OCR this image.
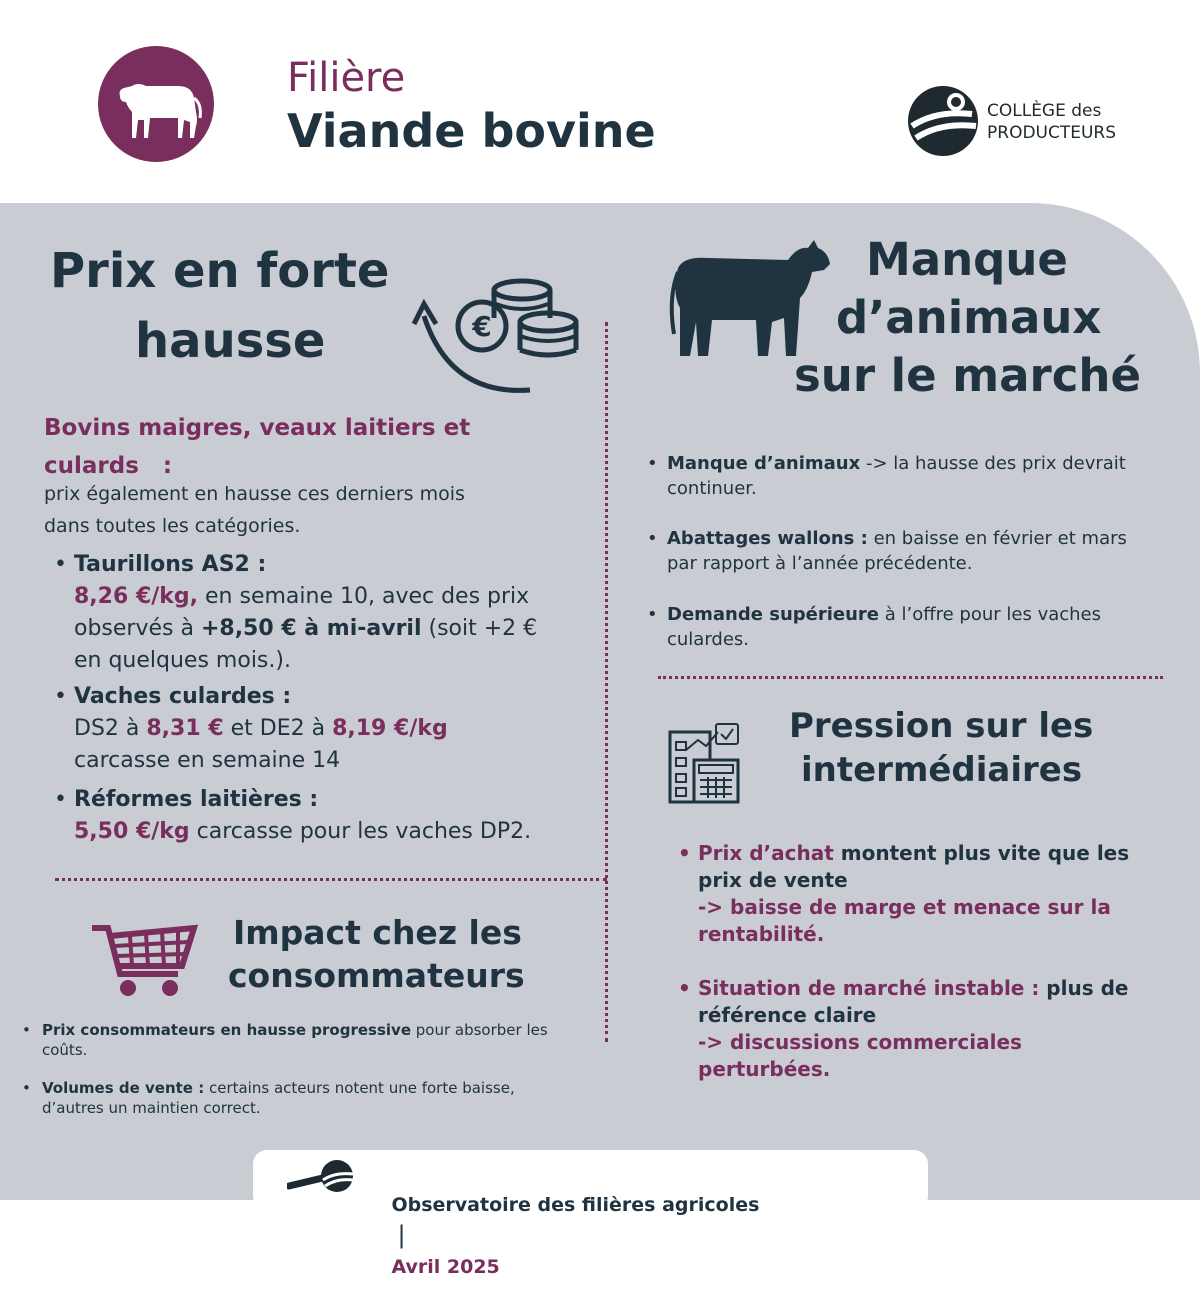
Filière
Viande bovine	COLLÈGE des
PRODUCTEURS
Prix en forte
hausse	€
Bovins maigres, veaux laitiers et
culards   :
prix également en hausse ces derniers mois
dans toutes les catégories.
• Taurillons AS2 :
8,26 €/kg, en semaine 10, avec des prix
observés à +8,50 € à mi-avril (soit +2 €
en quelques mois.).
• Vaches culardes :
DS2 à 8,31 € et DE2 à 8,19 €/kg
carcasse en semaine 14
• Réformes laitières :
5,50 €/kg carcasse pour les vaches DP2.
Impact chez les
consommateurs
• Prix consommateurs en hausse progressive pour absorber les
coûts.
• Volumes de vente : certains acteurs notent une forte baisse,
d’autres un maintien correct.
Manque
d’animaux
sur le marché
• Manque d’animaux -> la hausse des prix devrait
continuer.
• Abattages wallons : en baisse en février et mars
par rapport à l’année précédente.
• Demande supérieure à l’offre pour les vaches
culardes.
Pression sur les
intermédiaires
• Prix d’achat montent plus vite que les
prix de vente
-> baisse de marge et menace sur la
rentabilité.
• Situation de marché instable : plus de
référence claire
-> discussions commerciales
perturbées.

Observatoire des filières agricoles
|
Avril 2025
